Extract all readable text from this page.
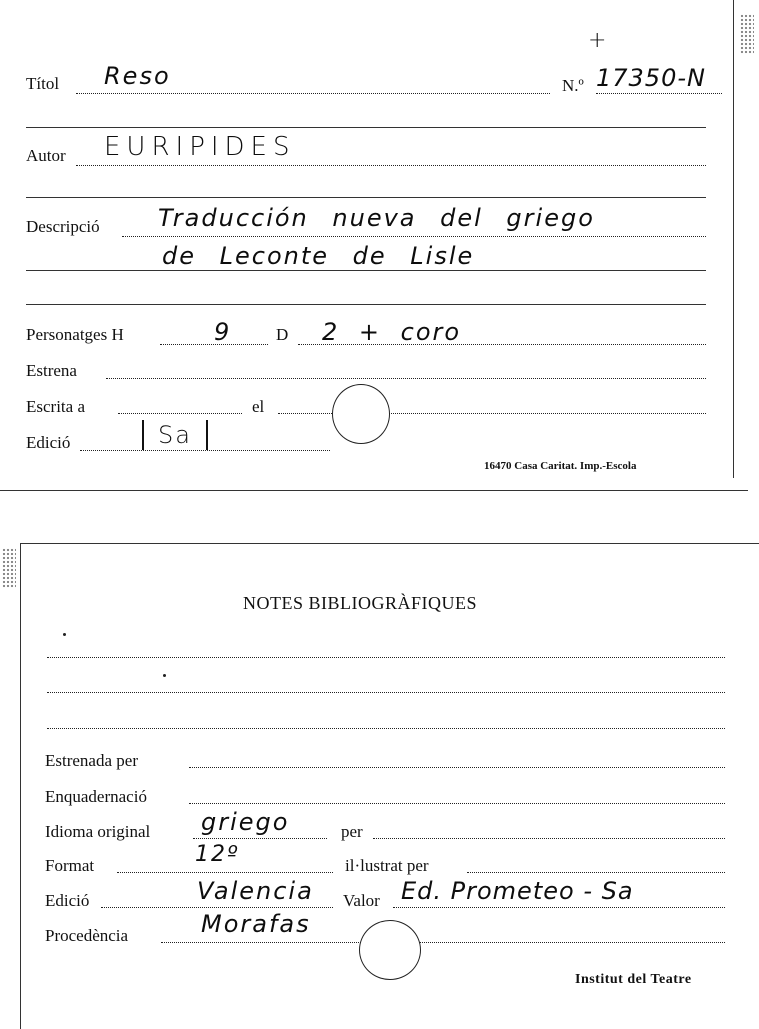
+
Títol Reso	N.º 17350-N
Autor EURIPIDES
Descripció Traducción nueva del griego
de Leconte de Lisle
Personatges H	9	D 2 + coro
Estrena
Escrita a	el
Edició	Sa
16470 Casa Caritat. Imp.-Escola
NOTES BIBLIOGRÀFIQUES
Estrenada per
Enquadernació
Idioma original griego	per
Format	12º	il·lustrat per
Edició	Valencia Valor Ed. Prometeo - Sa
Procedència	Morafas
Institut del Teatre
